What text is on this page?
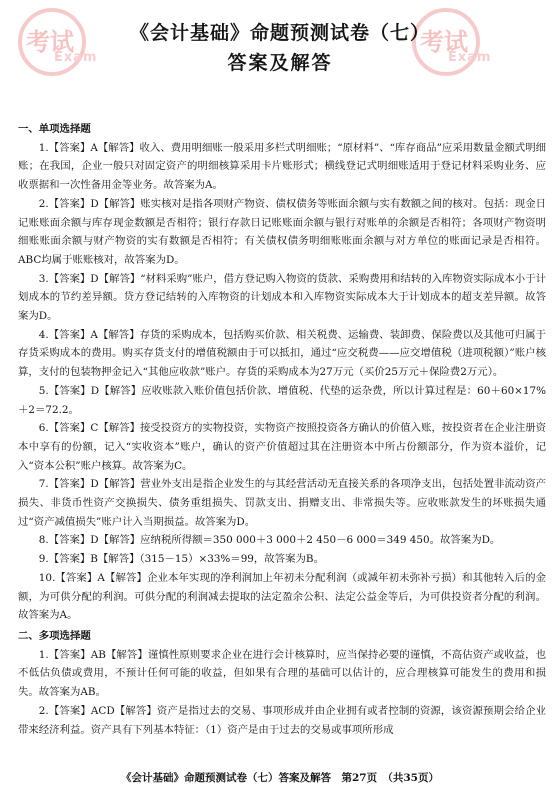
考试
Exam
考试
Exam
《会计基础》命题预测试卷（七）
答案及解答
一、单项选择题
1.【答案】A【解答】收入、费用明细账一般采用多栏式明细账；“原材料”、“库存商品”应采用数量金额式明细账；在我国，企业一般只对固定资产的明细核算采用卡片账形式；横线登记式明细账适用于登记材料采购业务、应收票据和一次性备用金等业务。故答案为A。
2.【答案】D【解答】账实核对是指各项财产物资、债权债务等账面余额与实有数额之间的核对。包括：现金日记账账面余额与库存现金数额是否相符；银行存款日记账账面余额与银行对账单的余额是否相符；各项财产物资明细账账面余额与财产物资的实有数额是否相符；有关债权债务明细账账面余额与对方单位的账面记录是否相符。ABC均属于账账核对，故答案为D。
3.【答案】D【解答】“材料采购”账户，借方登记购入物资的货款、采购费用和结转的入库物资实际成本小于计划成本的节约差异额。贷方登记结转的入库物资的计划成本和入库物资实际成本大于计划成本的超支差异额。故答案为D。
4.【答案】A【解答】存货的采购成本，包括购买价款、相关税费、运输费、装卸费、保险费以及其他可归属于存货采购成本的费用。购买存货支付的增值税额由于可以抵扣，通过“应交税费——应交增值税（进项税额）”账户核算，支付的包装物押金记入“其他应收款”账户。存货的采购成本为27万元（买价25万元＋保险费2万元）。
5.【答案】D【解答】应收账款入账价值包括价款、增值税、代垫的运杂费，所以计算过程是：60＋60×17%＋2＝72.2。
6.【答案】C【解答】接受投资方的实物投资，实物资产按照投资各方确认的价值入账，按投资者在企业注册资本中享有的份额，记入“实收资本”账户，确认的资产价值超过其在注册资本中所占份额部分，作为资本溢价，记入“资本公积”账户核算。故答案为C。
7.【答案】D【解答】营业外支出是指企业发生的与其经营活动无直接关系的各项净支出，包括处置非流动资产损失、非货币性资产交换损失、债务重组损失、罚款支出、捐赠支出、非常损失等。应收账款发生的坏账损失通过“资产减值损失”账户计入当期损益。故答案为D。
8.【答案】D【解答】应纳税所得额＝350 000＋3 000＋2 450－6 000＝349 450。故答案为D。
9.【答案】B【解答】（315－15）×33%＝99，故答案为B。
10.【答案】A【解答】企业本年实现的净利润加上年初未分配利润（或减年初未弥补亏损）和其他转入后的金额，为可供分配的利润。可供分配的利润减去提取的法定盈余公积、法定公益金等后，为可供投资者分配的利润。故答案为A。
二、多项选择题
1.【答案】AB【解答】谨慎性原则要求企业在进行会计核算时，应当保持必要的谨慎，不高估资产或收益，也不低估负债或费用，不预计任何可能的收益，但如果有合理的基础可以估计的，应合理核算可能发生的费用和损失。故答案为AB。
2.【答案】ACD【解答】资产是指过去的交易、事项形成并由企业拥有或者控制的资源，该资源预期会给企业带来经济利益。资产具有下列基本特征：（1）资产是由于过去的交易或事项所形成
《会计基础》命题预测试卷（七）答案及解答　第27页　（共35页）
